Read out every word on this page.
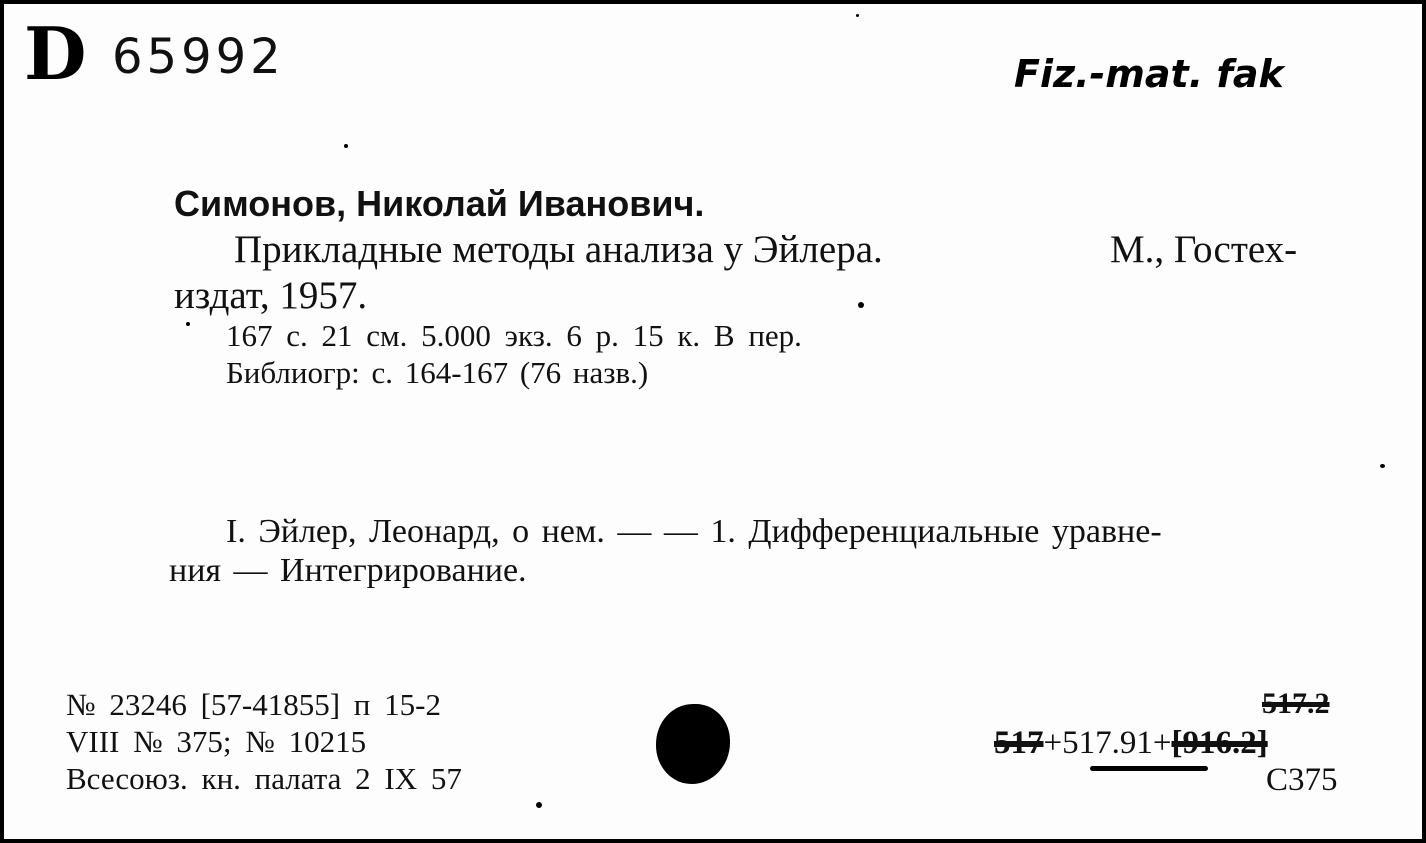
D 65992	Fiz.-mat. fak
Симонов, Николай Иванович.
Прикладные методы анализа у Эйлера.	М., Гостех-
издат, 1957.
167 с. 21 см. 5.000 экз. 6 р. 15 к. В пер.
Библиогр: с. 164-167 (76 назв.)
I. Эйлер, Леонард, о нем. — — 1. Дифференциальные уравне-
ния — Интегрирование.
№ 23246 [57-41855] п 15-2
VIII № 375; № 10215
Всесоюз. кн. палата 2 IX 57
517.2
517+517.91+[916.2]
С375
